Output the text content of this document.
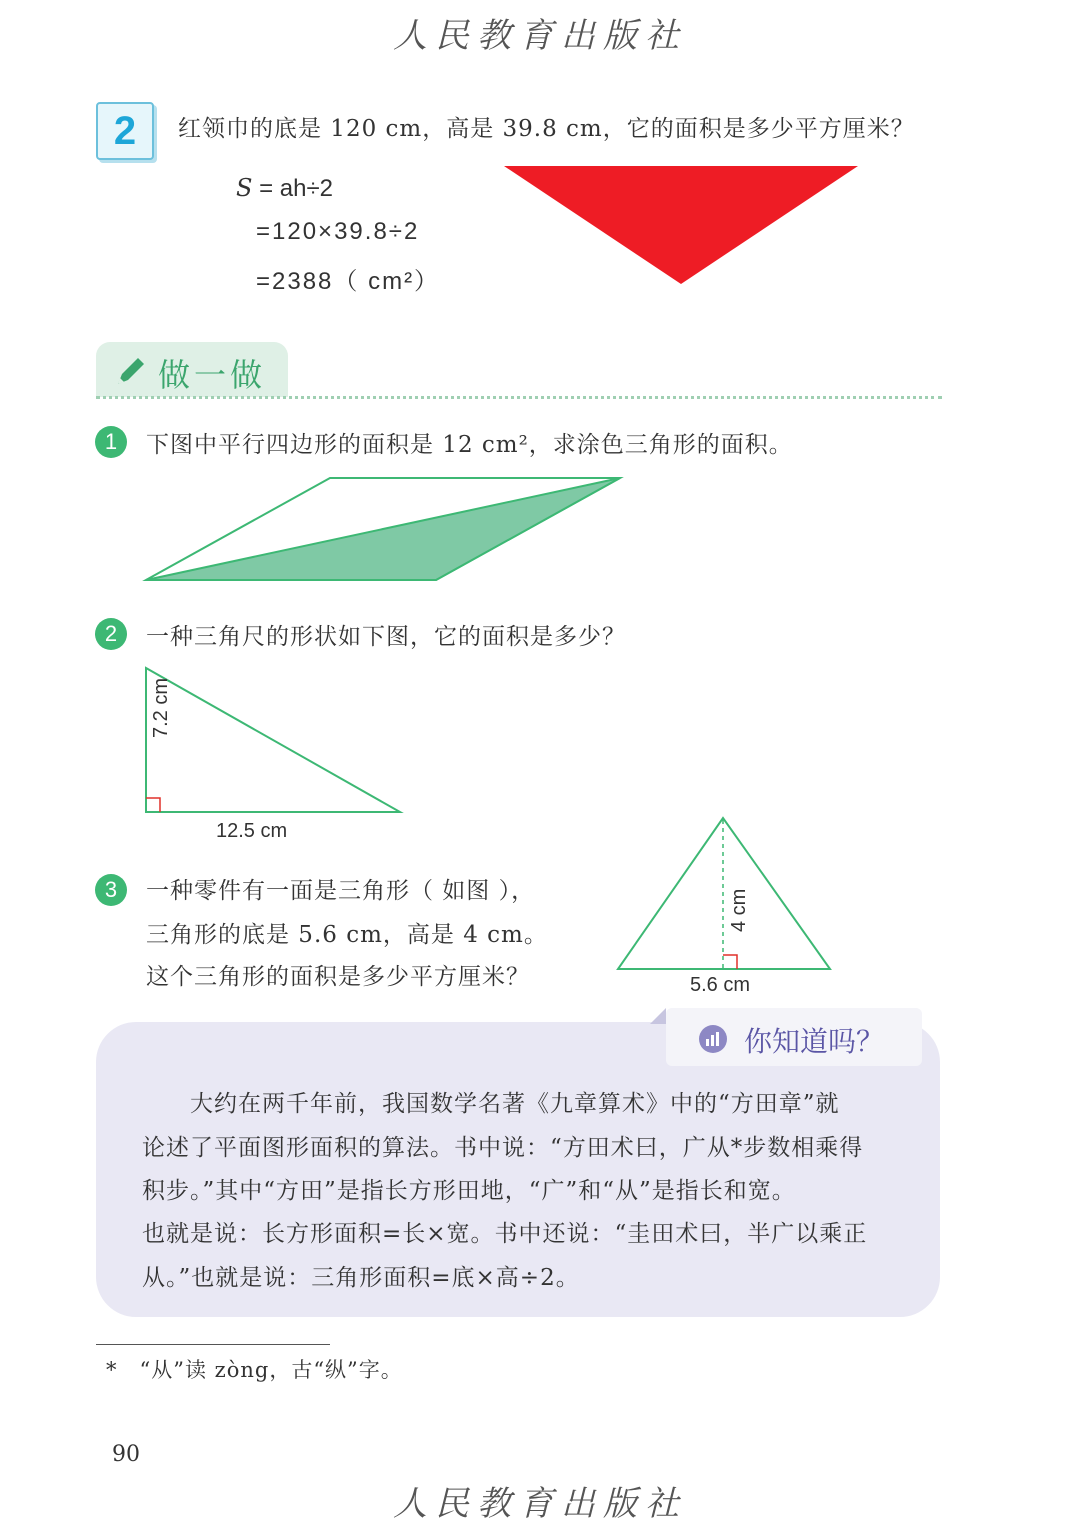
人民教育出版社
2	红领巾的底是 120 cm，高是 39.8 cm，它的面积是多少平方厘米？
S = ah÷2
=120×39.8÷2
=2388（ cm²）
做一做
1	下图中平行四边形的面积是 12 cm²，求涂色三角形的面积。
2	一种三角尺的形状如下图，它的面积是多少？
7.2 cm
12.5 cm
3	一种零件有一面是三角形（ 如图 ），
三角形的底是 5.6 cm，高是 4 cm。
这个三角形的面积是多少平方厘米？
4 cm
5.6 cm
你知道吗？
　　大约在两千年前，我国数学名著《九章算术》中的“方田章”就
论述了平面图形面积的算法。书中说：“方田术曰，广从*步数相乘得
积步。”其中“方田”是指长方形田地，“广”和“从”是指长和宽。
也就是说：长方形面积=长×宽。书中还说：“圭田术曰，半广以乘正
从。”也就是说：三角形面积=底×高÷2。
*　“从”读 zòng，古“纵”字。
90
人民教育出版社
